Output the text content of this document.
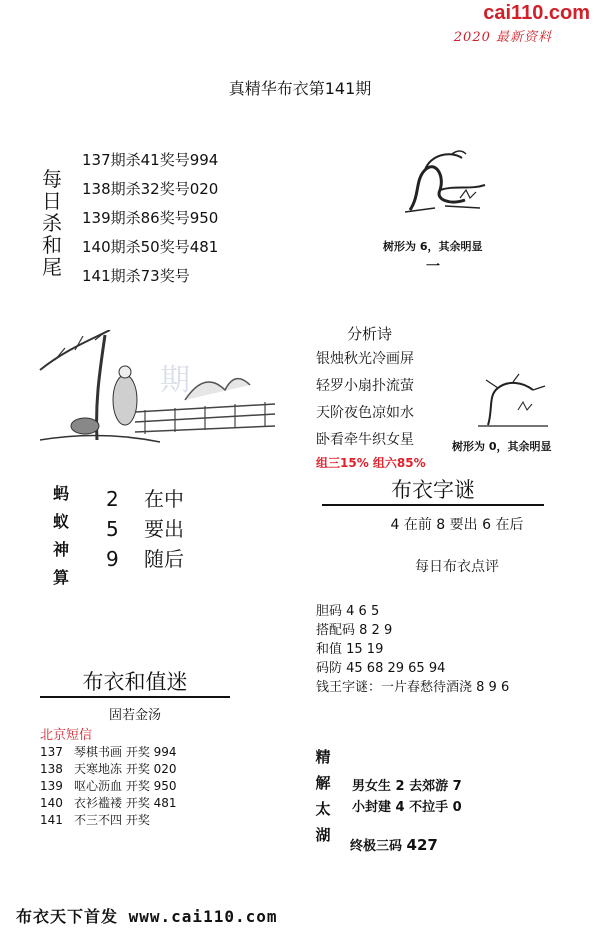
cai110.com
2020 最新资料
真精华布衣第141期
每日杀和尾
137期杀41奖号994
138期杀32奖号020
139期杀86奖号950
140期杀50奖号481
141期杀73奖号
树形为 6，其余明显
一
期
分析诗
银烛秋光冷画屏
轻罗小扇扑流萤
天阶夜色凉如水
卧看牵牛织女星
组三15% 组六85%
树形为 0，其余明显
蚂蚁神算
2 在中
5 要出
9 随后
布衣字谜
4 在前 8 要出 6 在后
每日布衣点评
胆码 4 6 5
搭配码 8 2 9
和值 15 19
码防 45 68 29 65 94
钱王字谜：一片春愁待酒浇 8 9 6
布衣和值迷
固若金汤
北京短信
137 琴棋书画 开奖 994
138 天寒地冻 开奖 020
139 呕心沥血 开奖 950
140 衣衫褴褛 开奖 481
141 不三不四 开奖
精解太湖
男女生 2 去郊游 7
小封建 4 不拉手 0
终极三码 427
布衣天下首发 www.cai110.com
